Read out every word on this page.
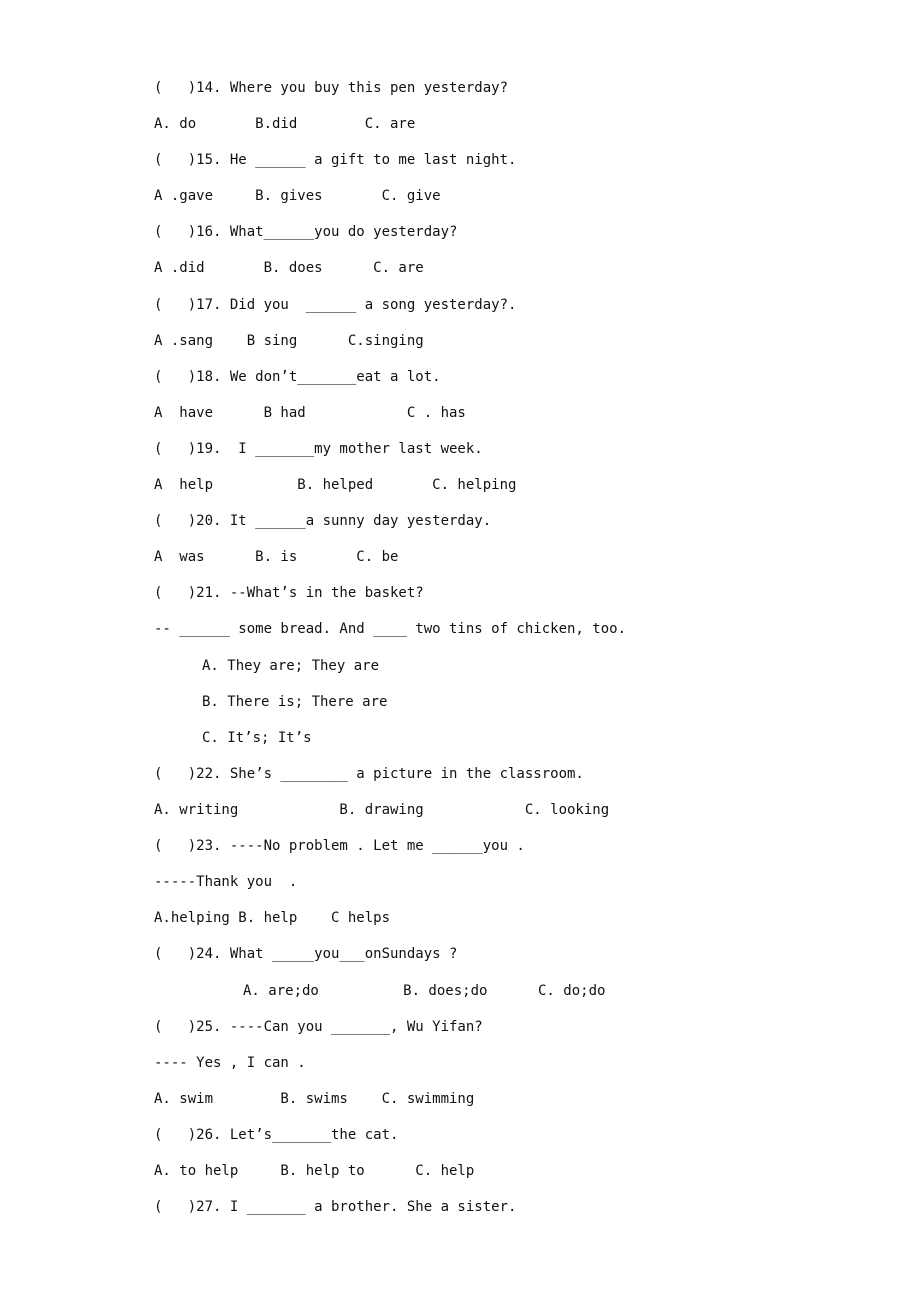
(   )14. Where you buy this pen yesterday?
A. do       B.did        C. are
(   )15. He ______ a gift to me last night.
A .gave     B. gives       C. give
(   )16. What______you do yesterday?
A .did       B. does      C. are
(   )17. Did you  ______ a song yesterday?.
A .sang    B sing      C.singing
(   )18. We don’t_______eat a lot.
A  have      B had            C . has
(   )19.  I _______my mother last week.
A  help          B. helped       C. helping
(   )20. It ______a sunny day yesterday.
A  was      B. is       C. be
(   )21. --What’s in the basket?
-- ______ some bread. And ____ two tins of chicken, too.
A. They are; They are
B. There is; There are
C. It’s; It’s
(   )22. She’s ________ a picture in the classroom.
A. writing            B. drawing            C. looking
(   )23. ----No problem . Let me ______you .
-----Thank you  .
A.helping B. help    C helps
(   )24. What _____you___onSundays ?
A. are;do          B. does;do      C. do;do
(   )25. ----Can you _______, Wu Yifan?
---- Yes , I can .
A. swim        B. swims    C. swimming
(   )26. Let’s_______the cat.
A. to help     B. help to      C. help
(   )27. I _______ a brother. She a sister.
